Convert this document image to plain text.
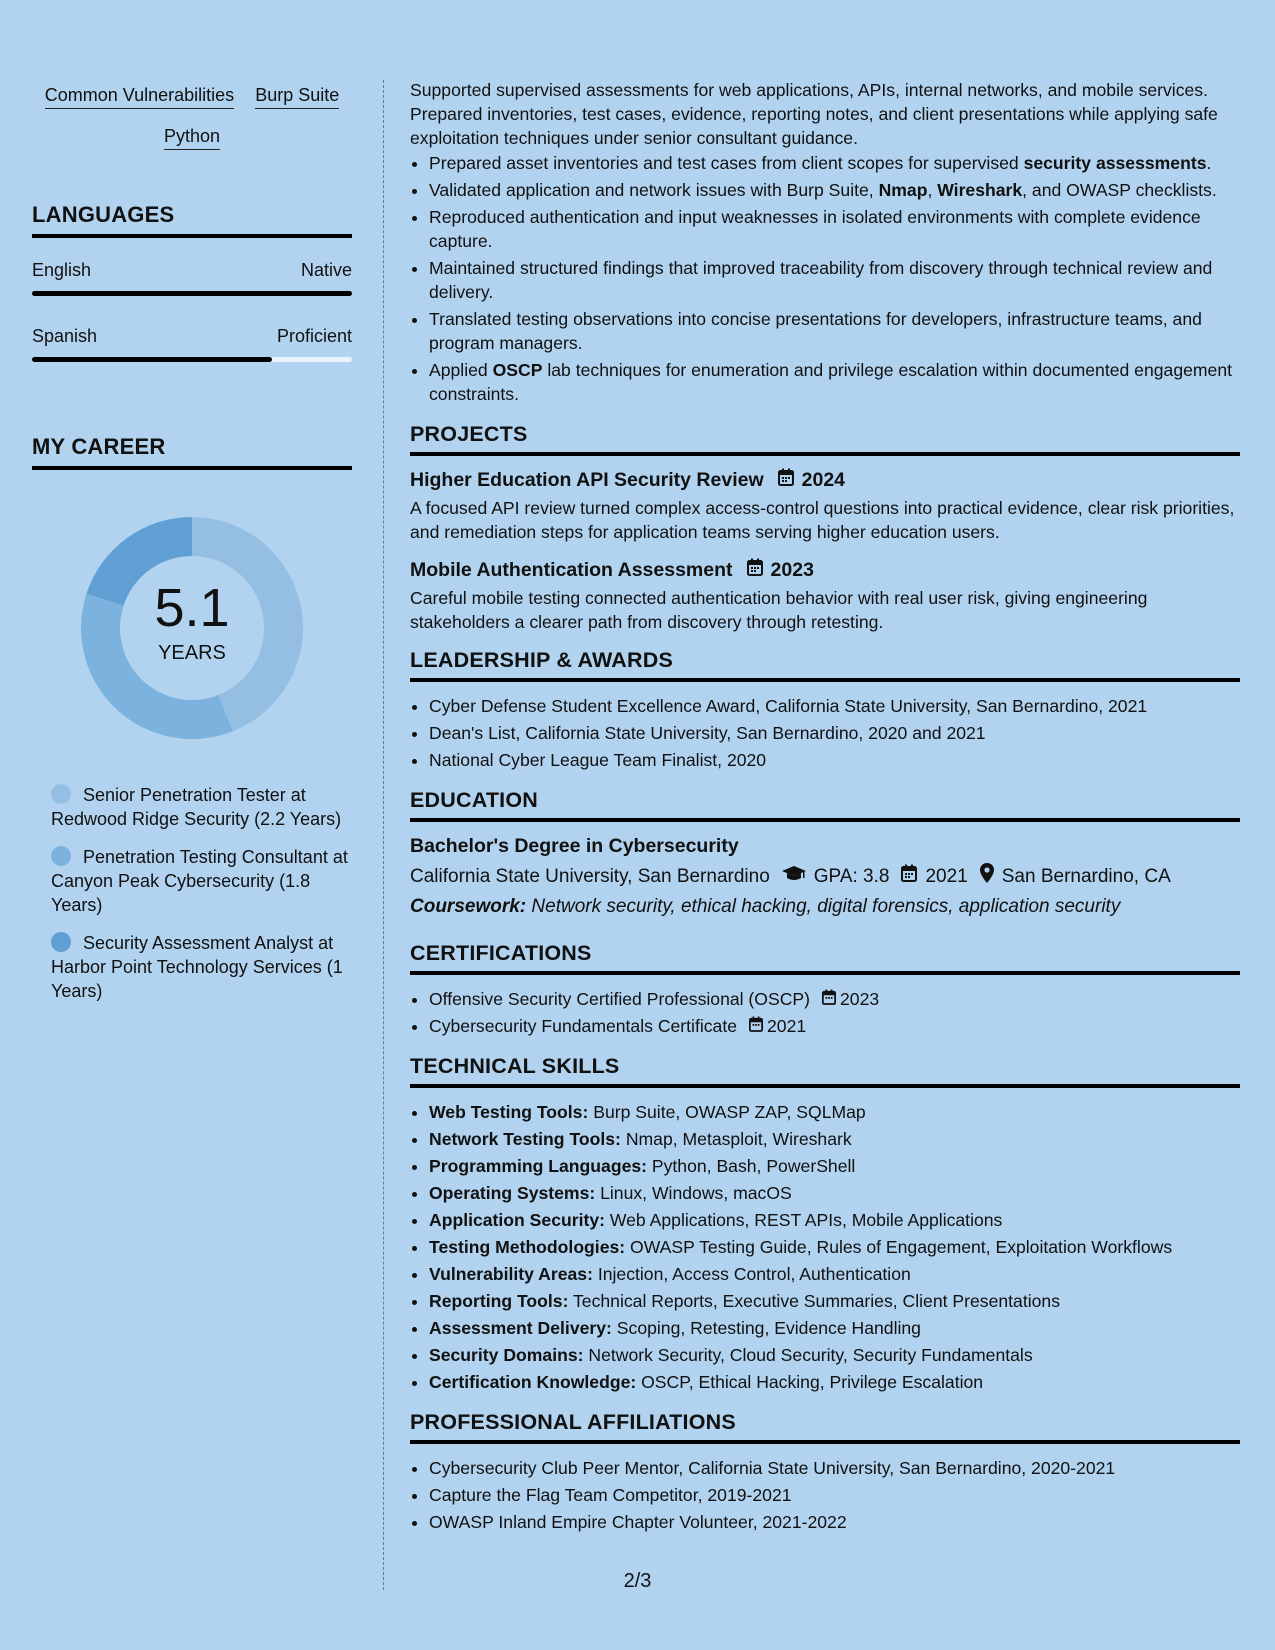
Common Vulnerabilities Burp Suite
Python
LANGUAGES
English	Native
Spanish	Proficient
MY CAREER
5.1
YEARS
Senior Penetration Tester at Redwood Ridge Security (2.2 Years)
Penetration Testing Consultant at Canyon Peak Cybersecurity (1.8 Years)
Security Assessment Analyst at Harbor Point Technology Services (1 Years)

Supported supervised assessments for web applications, APIs, internal networks, and mobile services. Prepared inventories, test cases, evidence, reporting notes, and client presentations while applying safe exploitation techniques under senior consultant guidance.

• Prepared asset inventories and test cases from client scopes for supervised security assessments.
• Validated application and network issues with Burp Suite, Nmap, Wireshark, and OWASP checklists.
• Reproduced authentication and input weaknesses in isolated environments with complete evidence capture.
• Maintained structured findings that improved traceability from discovery through technical review and delivery.
• Translated testing observations into concise presentations for developers, infrastructure teams, and program managers.
• Applied OSCP lab techniques for enumeration and privilege escalation within documented engagement constraints.
PROJECTS
Higher Education API Security Review 2024

A focused API review turned complex access-control questions into practical evidence, clear risk priorities, and remediation steps for application teams serving higher education users.

Mobile Authentication Assessment 2023

Careful mobile testing connected authentication behavior with real user risk, giving engineering stakeholders a clearer path from discovery through retesting.

LEADERSHIP & AWARDS
• Cyber Defense Student Excellence Award, California State University, San Bernardino, 2021
• Dean's List, California State University, San Bernardino, 2020 and 2021
• National Cyber League Team Finalist, 2020
EDUCATION
Bachelor's Degree in Cybersecurity
California State University, San Bernardino GPA: 3.8 2021 San Bernardino, CA
Coursework: Network security, ethical hacking, digital forensics, application security
CERTIFICATIONS
• Offensive Security Certified Professional (OSCP) 2023
• Cybersecurity Fundamentals Certificate 2021
TECHNICAL SKILLS
• Web Testing Tools: Burp Suite, OWASP ZAP, SQLMap
• Network Testing Tools: Nmap, Metasploit, Wireshark
• Programming Languages: Python, Bash, PowerShell
• Operating Systems: Linux, Windows, macOS
• Application Security: Web Applications, REST APIs, Mobile Applications
• Testing Methodologies: OWASP Testing Guide, Rules of Engagement, Exploitation Workflows
• Vulnerability Areas: Injection, Access Control, Authentication
• Reporting Tools: Technical Reports, Executive Summaries, Client Presentations
• Assessment Delivery: Scoping, Retesting, Evidence Handling
• Security Domains: Network Security, Cloud Security, Security Fundamentals
• Certification Knowledge: OSCP, Ethical Hacking, Privilege Escalation
PROFESSIONAL AFFILIATIONS
• Cybersecurity Club Peer Mentor, California State University, San Bernardino, 2020-2021
• Capture the Flag Team Competitor, 2019-2021
• OWASP Inland Empire Chapter Volunteer, 2021-2022
2/3
